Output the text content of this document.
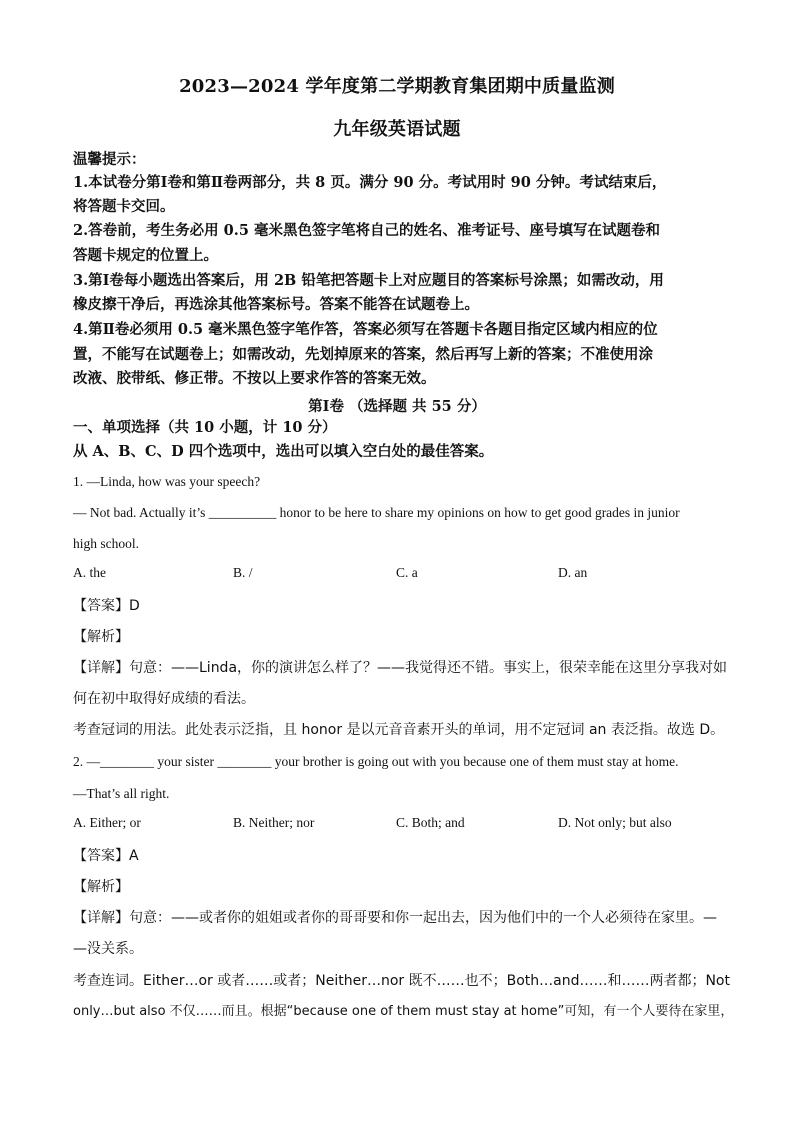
2023—2024 学年度第二学期教育集团期中质量监测
九年级英语试题
温馨提示：
1.本试卷分第Ⅰ卷和第Ⅱ卷两部分，共 8 页。满分 90 分。考试用时 90 分钟。考试结束后，
将答题卡交回。
2.答卷前，考生务必用 0.5 毫米黑色签字笔将自己的姓名、准考证号、座号填写在试题卷和
答题卡规定的位置上。
3.第Ⅰ卷每小题选出答案后，用 2B 铅笔把答题卡上对应题目的答案标号涂黑；如需改动，用
橡皮擦干净后，再选涂其他答案标号。答案不能答在试题卷上。
4.第Ⅱ卷必须用 0.5 毫米黑色签字笔作答，答案必须写在答题卡各题目指定区域内相应的位
置，不能写在试题卷上；如需改动，先划掉原来的答案，然后再写上新的答案；不准使用涂
改液、胶带纸、修正带。不按以上要求作答的答案无效。
第Ⅰ卷 （选择题 共 55 分）
一、单项选择（共 10 小题，计 10 分）
从 A、B、C、D 四个选项中，选出可以填入空白处的最佳答案。
1. —Linda, how was your speech?
— Not bad. Actually it’s __________ honor to be here to share my opinions on how to get good grades in junior
high school.
A. the	B. /	C. a	D. an
【答案】D
【解析】
【详解】句意：——Linda，你的演讲怎么样了？——我觉得还不错。事实上，很荣幸能在这里分享我对如
何在初中取得好成绩的看法。
考查冠词的用法。此处表示泛指，且 honor 是以元音音素开头的单词，用不定冠词 an 表泛指。故选 D。
2. —________ your sister ________ your brother is going out with you because one of them must stay at home.
—That’s all right.
A. Either; or	B. Neither; nor	C. Both; and	D. Not only; but also
【答案】A
【解析】
【详解】句意：——或者你的姐姐或者你的哥哥要和你一起出去，因为他们中的一个人必须待在家里。—
—没关系。
考查连词。Either…or 或者……或者；Neither…nor 既不……也不；Both…and……和……两者都；Not
only…but also 不仅……而且。根据“because one of them must stay at home”可知，有一个人要待在家里，
